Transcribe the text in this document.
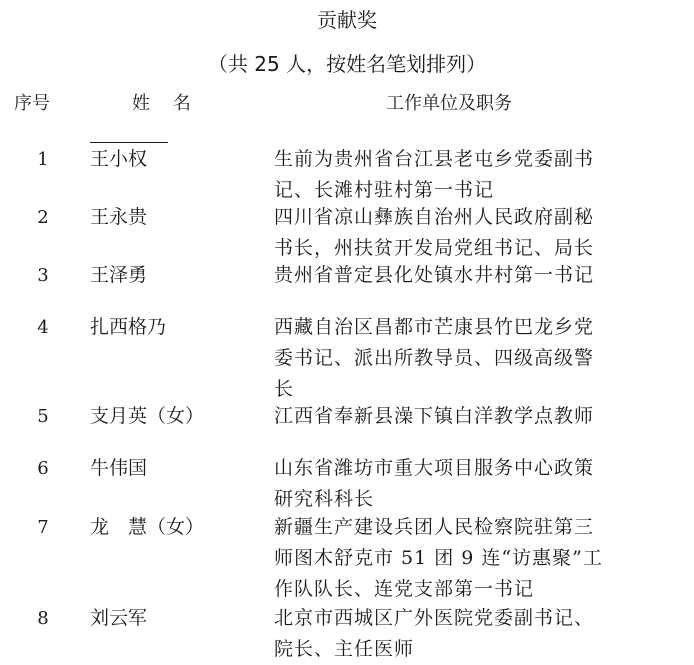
贡献奖
（共 25 人，按姓名笔划排列）
序号	姓    名	工作单位及职务
1	王小权	生前为贵州省台江县老屯乡党委副书
记、长滩村驻村第一书记
2	王永贵	四川省凉山彝族自治州人民政府副秘
书长，州扶贫开发局党组书记、局长
3	王泽勇	贵州省普定县化处镇水井村第一书记
4	扎西格乃	西藏自治区昌都市芒康县竹巴龙乡党
委书记、派出所教导员、四级高级警
长
5	支月英（女）	江西省奉新县澡下镇白洋教学点教师
6	牛伟国	山东省潍坊市重大项目服务中心政策
研究科科长
7	龙　慧（女）	新疆生产建设兵团人民检察院驻第三
师图木舒克市 51 团 9 连“访惠聚”工
作队队长、连党支部第一书记
8	刘云军	北京市西城区广外医院党委副书记、
院长、主任医师
